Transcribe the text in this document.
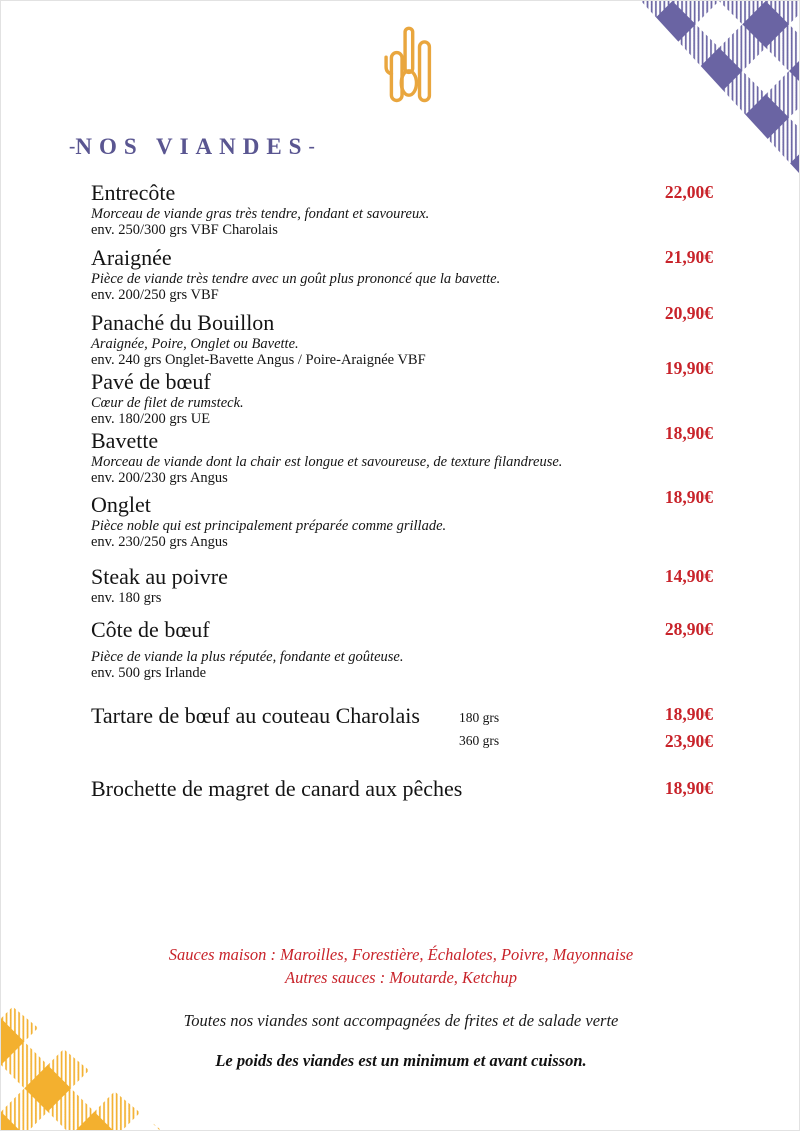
-NOS VIANDES-
Entrecôte
Morceau de viande gras très tendre, fondant et savoureux.
env. 250/300 grs VBF Charolais
22,00€
Araignée
Pièce de viande très tendre avec un goût plus prononcé que la bavette.
env. 200/250 grs VBF
21,90€
Panaché du Bouillon
Araignée, Poire, Onglet ou Bavette.
env. 240 grs Onglet-Bavette Angus / Poire-Araignée VBF
20,90€
Pavé de bœuf
Cœur de filet de rumsteck.
env. 180/200 grs UE
19,90€
Bavette
Morceau de viande dont la chair est longue et savoureuse, de texture filandreuse.
env. 200/230 grs Angus
18,90€
Onglet
Pièce noble qui est principalement préparée comme grillade.
env. 230/250 grs Angus
18,90€
Steak au poivre
env. 180 grs
14,90€
Côte de bœuf
Pièce de viande la plus réputée, fondante et goûteuse.
env. 500 grs Irlande
28,90€
Tartare de bœuf au couteau Charolais	180 grs	18,90€
360 grs	23,90€
Brochette de magret de canard aux pêches	18,90€
Sauces maison : Maroilles, Forestière, Échalotes, Poivre, Mayonnaise
Autres sauces : Moutarde, Ketchup
Toutes nos viandes sont accompagnées de frites et de salade verte
Le poids des viandes est un minimum et avant cuisson.
